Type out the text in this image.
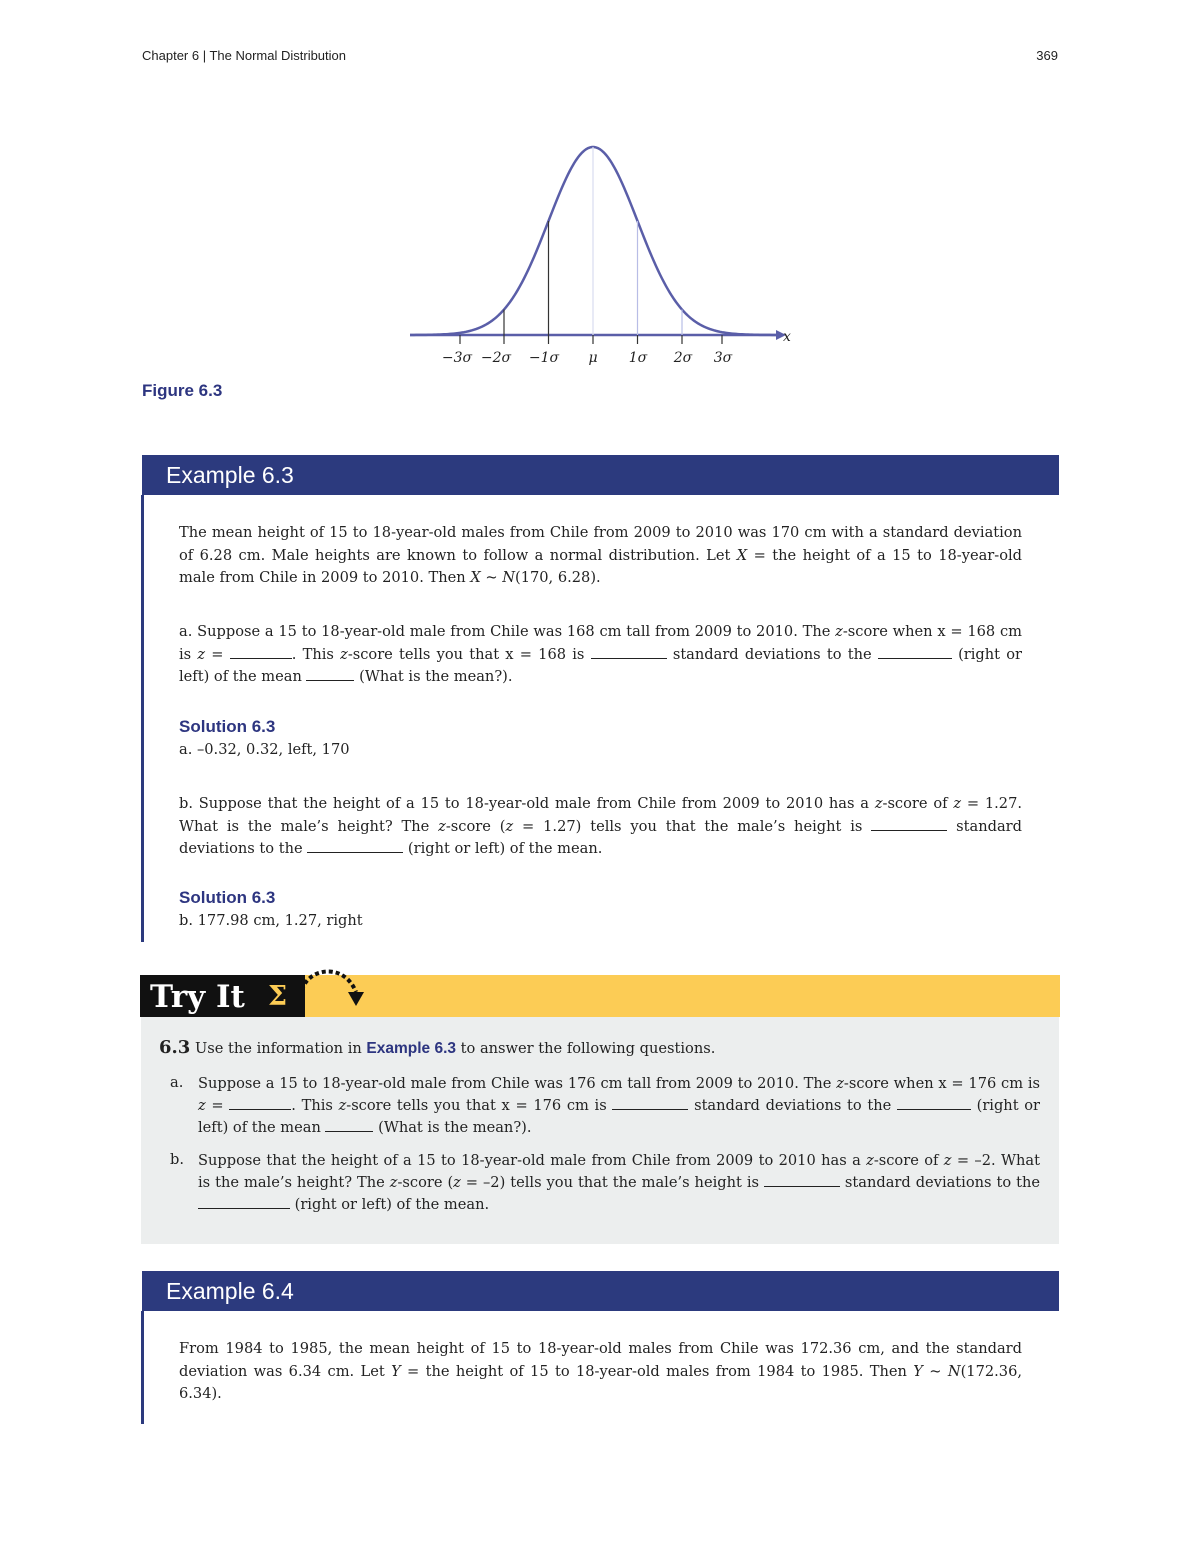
Chapter 6 | The Normal Distribution	369
x
−3σ −2σ −1σ μ 1σ 2σ 3σ
Figure 6.3
Example 6.3
The mean height of 15 to 18-year-old males from Chile from 2009 to 2010 was 170 cm with a standard deviation of 6.28 cm. Male heights are known to follow a normal distribution. Let X = the height of a 15 to 18-year-old male from Chile in 2009 to 2010. Then X ~ N(170, 6.28).
a. Suppose a 15 to 18-year-old male from Chile was 168 cm tall from 2009 to 2010. The z-score when x = 168 cm is z =	. This z-score tells you that x = 168 is	standard deviations to the	(right or left) of the mean	(What is the mean?).
Solution 6.3
a. –0.32, 0.32, left, 170
b. Suppose that the height of a 15 to 18-year-old male from Chile from 2009 to 2010 has a z-score of z = 1.27. What is the male’s height? The z-score (z = 1.27) tells you that the male’s height is	standard deviations to the	(right or left) of the mean.
Solution 6.3
b. 177.98 cm, 1.27, right
Try It Σ
6.3 Use the information in Example 6.3 to answer the following questions.
a. Suppose a 15 to 18-year-old male from Chile was 176 cm tall from 2009 to 2010. The z-score when x = 176 cm is z =	. This z-score tells you that x = 176 cm is	standard deviations to the	(right or left) of the mean	(What is the mean?).
b. Suppose that the height of a 15 to 18-year-old male from Chile from 2009 to 2010 has a z-score of z = –2. What is the male’s height? The z-score (z = –2) tells you that the male’s height is	standard deviations to the  (right or left) of the mean.
Example 6.4
From 1984 to 1985, the mean height of 15 to 18-year-old males from Chile was 172.36 cm, and the standard deviation was 6.34 cm. Let Y = the height of 15 to 18-year-old males from 1984 to 1985. Then Y ~ N(172.36, 6.34).
